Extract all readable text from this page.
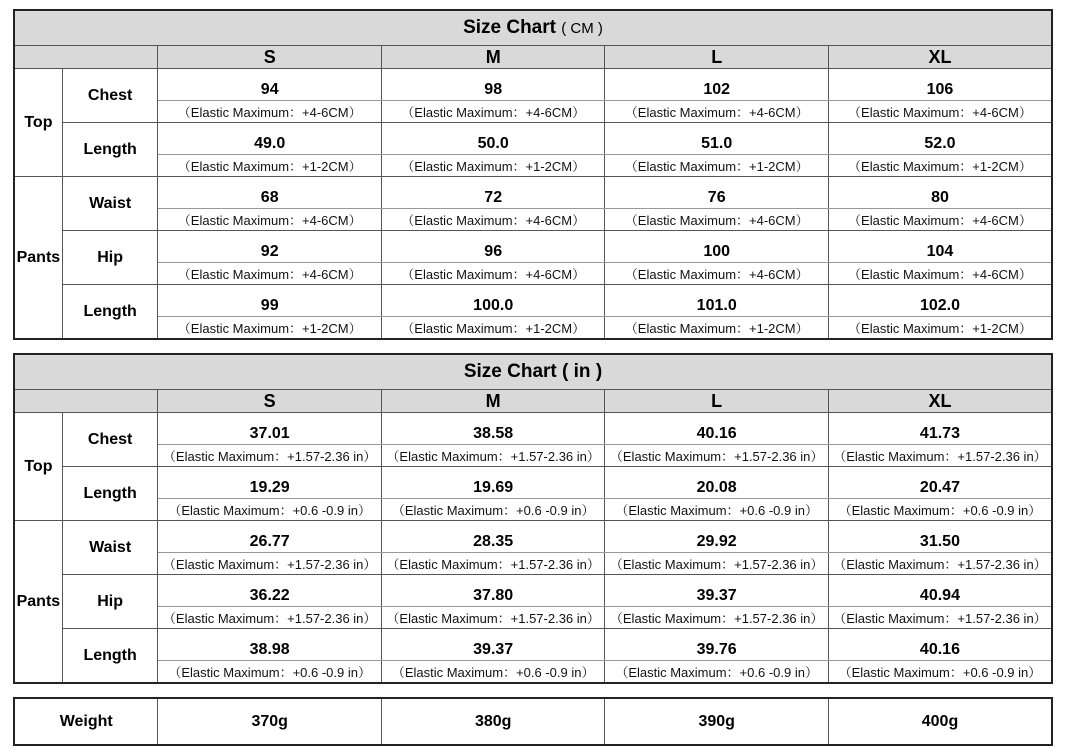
Size Chart ( CM )					
		S	M	L	XL
Top	Chest	94	98	102	106
		（Elastic Maximum：+4-6CM）	（Elastic Maximum：+4-6CM）	（Elastic Maximum：+4-6CM）	（Elastic Maximum：+4-6CM）
	Length	49.0	50.0	51.0	52.0
		（Elastic Maximum：+1-2CM）	（Elastic Maximum：+1-2CM）	（Elastic Maximum：+1-2CM）	（Elastic Maximum：+1-2CM）
Pants	Waist	68	72	76	80
		（Elastic Maximum：+4-6CM）	（Elastic Maximum：+4-6CM）	（Elastic Maximum：+4-6CM）	（Elastic Maximum：+4-6CM）
	Hip	92	96	100	104
		（Elastic Maximum：+4-6CM）	（Elastic Maximum：+4-6CM）	（Elastic Maximum：+4-6CM）	（Elastic Maximum：+4-6CM）
	Length	99	100.0	101.0	102.0
		（Elastic Maximum：+1-2CM）	（Elastic Maximum：+1-2CM）	（Elastic Maximum：+1-2CM）	（Elastic Maximum：+1-2CM）
Size Chart ( in )					
		S	M	L	XL
Top	Chest	37.01	38.58	40.16	41.73
		（Elastic Maximum：+1.57-2.36 in）	（Elastic Maximum：+1.57-2.36 in）	（Elastic Maximum：+1.57-2.36 in）	（Elastic Maximum：+1.57-2.36 in）
	Length	19.29	19.69	20.08	20.47
		（Elastic Maximum：+0.6 -0.9 in）	（Elastic Maximum：+0.6 -0.9 in）	（Elastic Maximum：+0.6 -0.9 in）	（Elastic Maximum：+0.6 -0.9 in）
Pants	Waist	26.77	28.35	29.92	31.50
		（Elastic Maximum：+1.57-2.36 in）	（Elastic Maximum：+1.57-2.36 in）	（Elastic Maximum：+1.57-2.36 in）	（Elastic Maximum：+1.57-2.36 in）
	Hip	36.22	37.80	39.37	40.94
		（Elastic Maximum：+1.57-2.36 in）	（Elastic Maximum：+1.57-2.36 in）	（Elastic Maximum：+1.57-2.36 in）	（Elastic Maximum：+1.57-2.36 in）
	Length	38.98	39.37	39.76	40.16
		（Elastic Maximum：+0.6 -0.9 in）	（Elastic Maximum：+0.6 -0.9 in）	（Elastic Maximum：+0.6 -0.9 in）	（Elastic Maximum：+0.6 -0.9 in）
Weight	370g	380g	390g	400g
